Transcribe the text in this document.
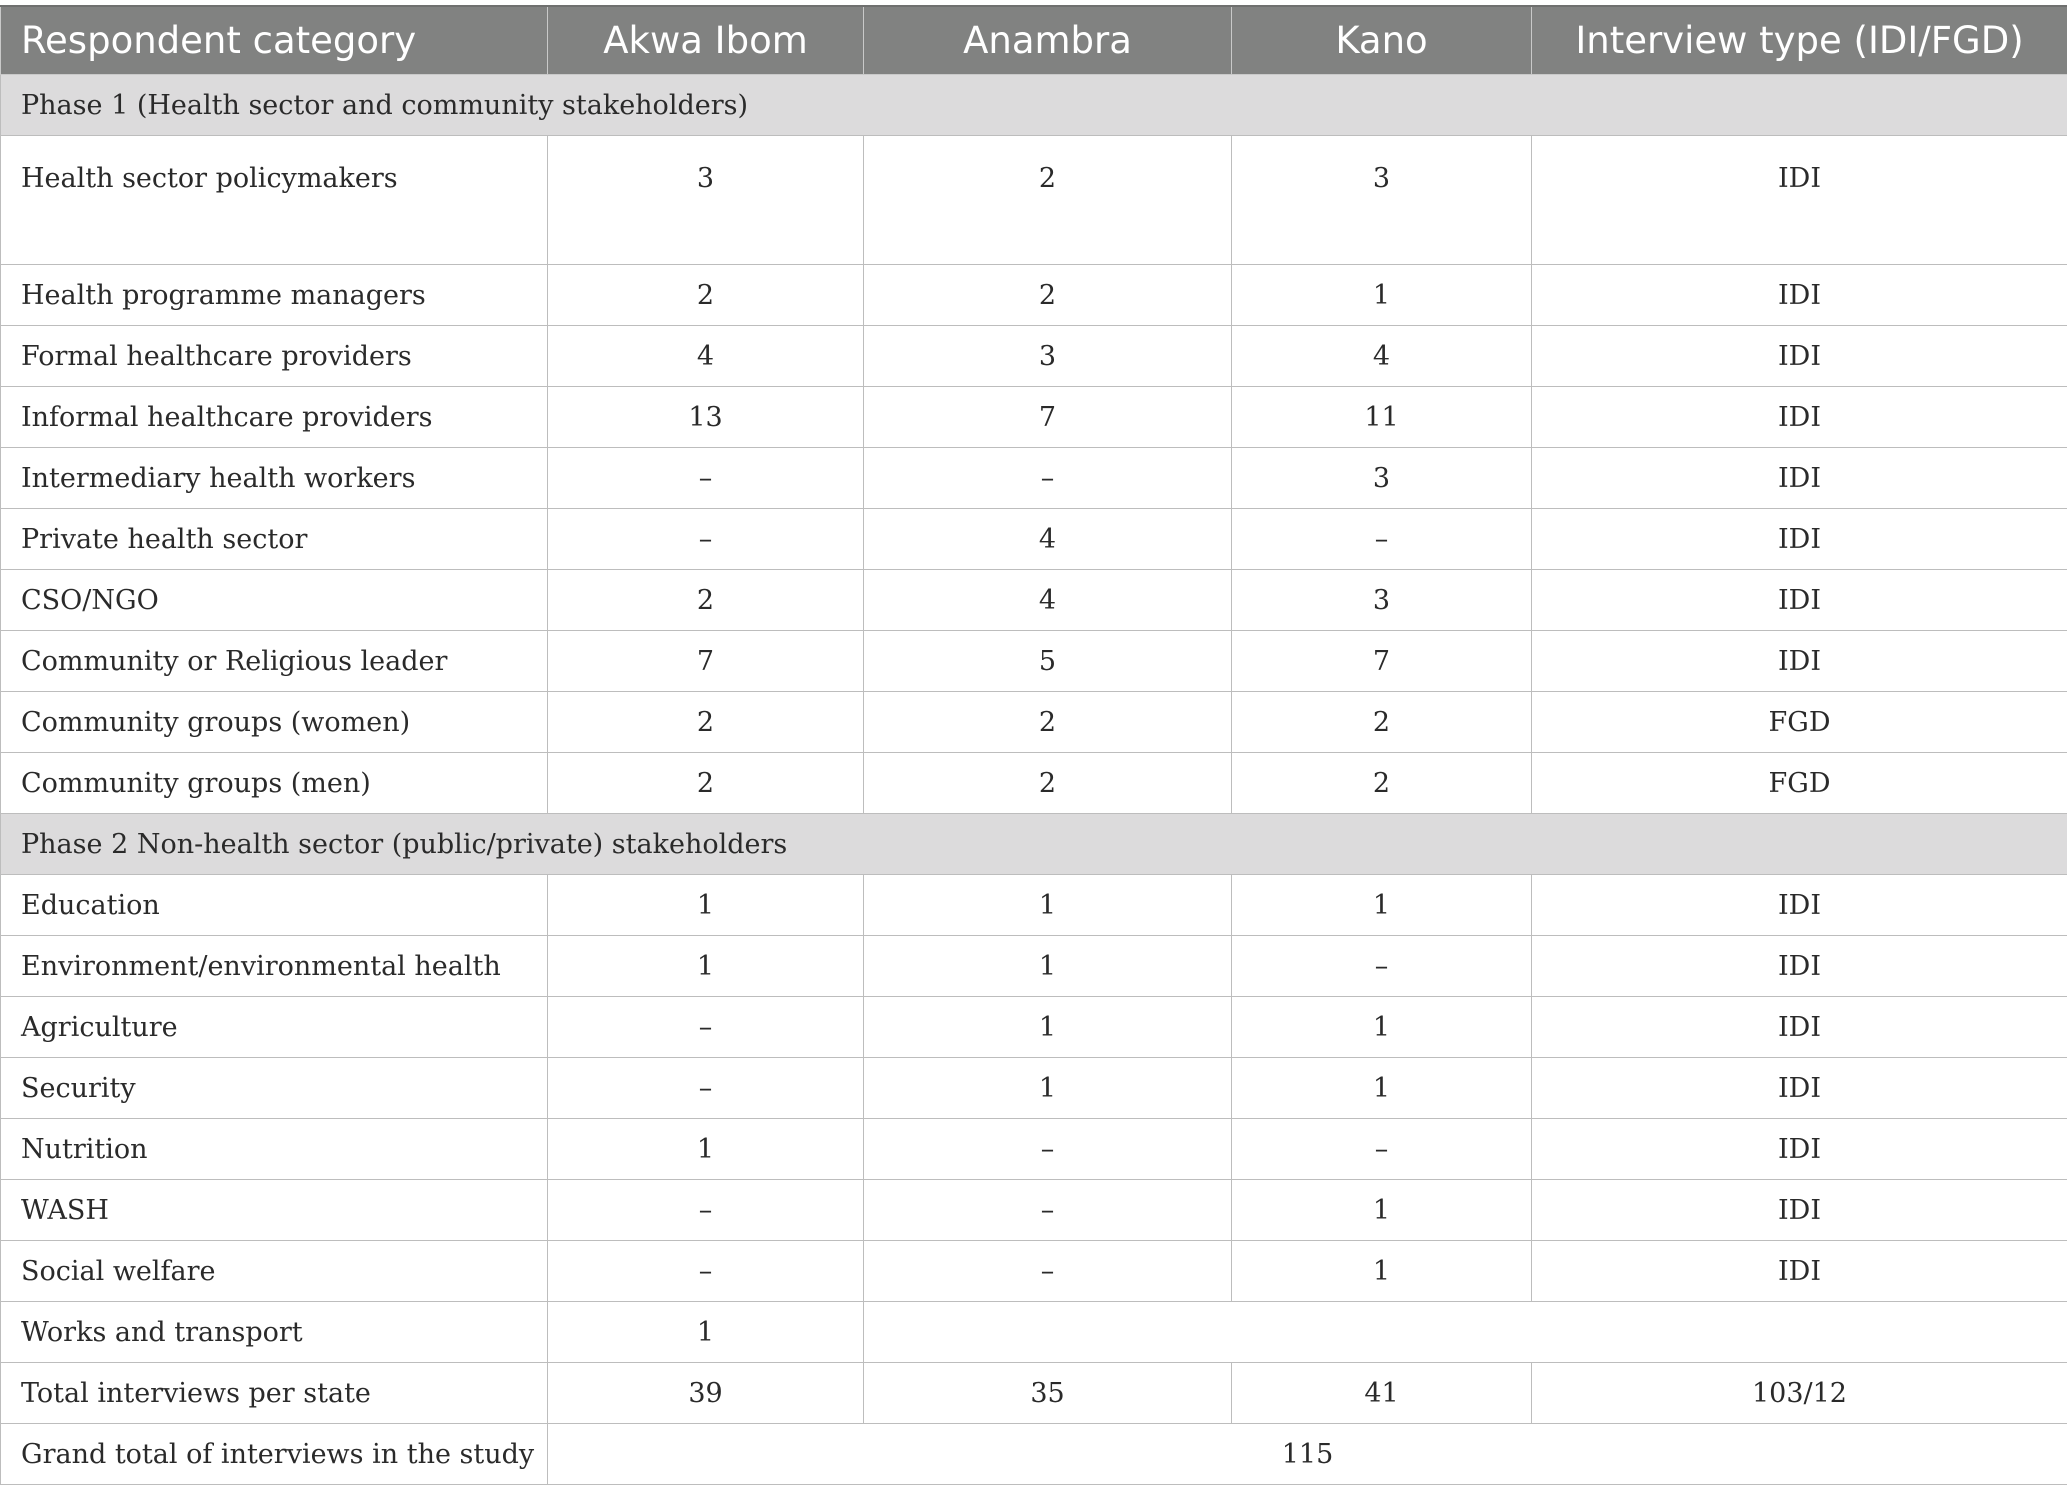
Respondent category	Akwa Ibom	Anambra	Kano	Interview type (IDI/FGD)
Phase 1 (Health sector and community stakeholders)				
Health sector policymakers	3	2	3	IDI
Health programme managers	2	2	1	IDI
Formal healthcare providers	4	3	4	IDI
Informal healthcare providers	13	7	11	IDI
Intermediary health workers	–	–	3	IDI
Private health sector	–	4	–	IDI
CSO/NGO	2	4	3	IDI
Community or Religious leader	7	5	7	IDI
Community groups (women)	2	2	2	FGD
Community groups (men)	2	2	2	FGD
Phase 2 Non-health sector (public/private) stakeholders				
Education	1	1	1	IDI
Environment/environmental health	1	1	–	IDI
Agriculture	–	1	1	IDI
Security	–	1	1	IDI
Nutrition	1	–	–	IDI
WASH	–	–	1	IDI
Social welfare	–	–	1	IDI
Works and transport	1			
Total interviews per state	39	35	41	103/12
Grand total of interviews in the study	115			
